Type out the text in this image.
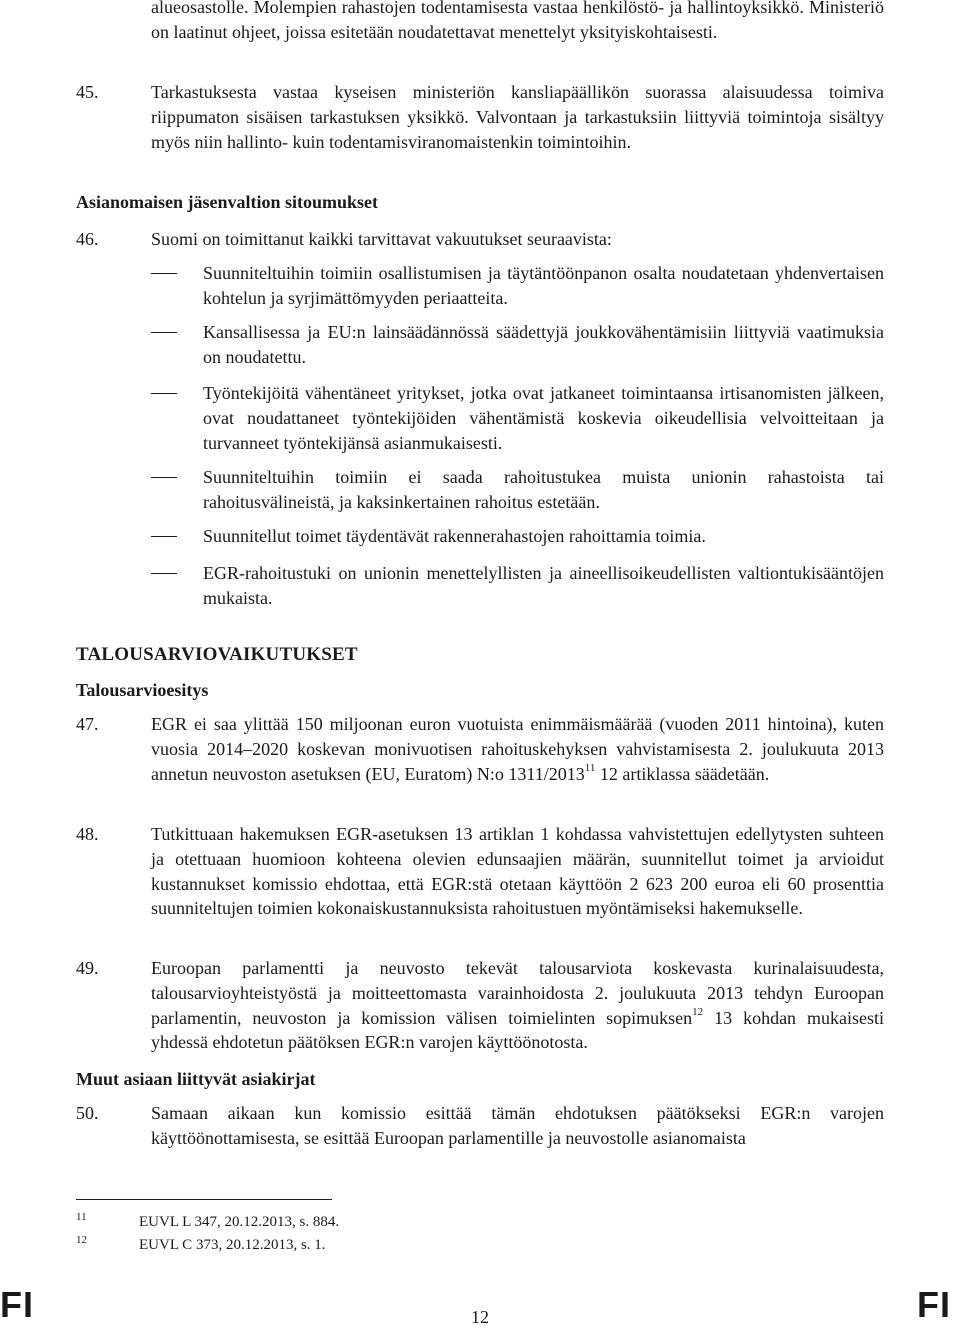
alueosastolle. Molempien rahastojen todentamisesta vastaa henkilöstö- ja hallintoyksikkö. Ministeriö on laatinut ohjeet, joissa esitetään noudatettavat menettelyt yksityiskohtaisesti.
45.	Tarkastuksesta vastaa kyseisen ministeriön kansliapäällikön suorassa alaisuudessa toimiva riippumaton sisäisen tarkastuksen yksikkö. Valvontaan ja tarkastuksiin liittyviä toimintoja sisältyy myös niin hallinto- kuin todentamisviranomaistenkin toimintoihin.
Asianomaisen jäsenvaltion sitoumukset
46.	Suomi on toimittanut kaikki tarvittavat vakuutukset seuraavista:
Suunniteltuihin toimiin osallistumisen ja täytäntöönpanon osalta noudatetaan yhdenvertaisen kohtelun ja syrjimättömyyden periaatteita.
Kansallisessa ja EU:n lainsäädännössä säädettyjä joukkovähentämisiin liittyviä vaatimuksia on noudatettu.
Työntekijöitä vähentäneet yritykset, jotka ovat jatkaneet toimintaansa irtisanomisten jälkeen, ovat noudattaneet työntekijöiden vähentämistä koskevia oikeudellisia velvoitteitaan ja turvanneet työntekijänsä asianmukaisesti.
Suunniteltuihin toimiin ei saada rahoitustukea muista unionin rahastoista tai rahoitusvälineistä, ja kaksinkertainen rahoitus estetään.
Suunnitellut toimet täydentävät rakennerahastojen rahoittamia toimia.
EGR-rahoitustuki on unionin menettelyllisten ja aineellisoikeudellisten valtiontukisääntöjen mukaista.
TALOUSARVIOVAIKUTUKSET
Talousarvioesitys
47.	EGR ei saa ylittää 150 miljoonan euron vuotuista enimmäismäärää (vuoden 2011 hintoina), kuten vuosia 2014–2020 koskevan monivuotisen rahoituskehyksen vahvistamisesta 2. joulukuuta 2013 annetun neuvoston asetuksen (EU, Euratom) N:o 1311/2013$^{11}$ 12 artiklassa säädetään.
48.	Tutkittuaan hakemuksen EGR-asetuksen 13 artiklan 1 kohdassa vahvistettujen edellytysten suhteen ja otettuaan huomioon kohteena olevien edunsaajien määrän, suunnitellut toimet ja arvioidut kustannukset komissio ehdottaa, että EGR:stä otetaan käyttöön 2 623 200 euroa eli 60 prosenttia suunniteltujen toimien kokonaiskustannuksista rahoitustuen myöntämiseksi hakemukselle.
49.	Euroopan parlamentti ja neuvosto tekevät talousarviota koskevasta kurinalaisuudesta, talousarvioyhteistyöstä ja moitteettomasta varainhoidosta 2. joulukuuta 2013 tehdyn Euroopan parlamentin, neuvoston ja komission välisen toimielinten sopimuksen$^{12}$ 13 kohdan mukaisesti yhdessä ehdotetun päätöksen EGR:n varojen käyttöönotosta.
Muut asiaan liittyvät asiakirjat
50.	Samaan aikaan kun komissio esittää tämän ehdotuksen päätökseksi EGR:n varojen käyttöönottamisesta, se esittää Euroopan parlamentille ja neuvostolle asianomaista
11	EUVL L 347, 20.12.2013, s. 884.
12	EUVL C 373, 20.12.2013, s. 1.
FI	12	FI
